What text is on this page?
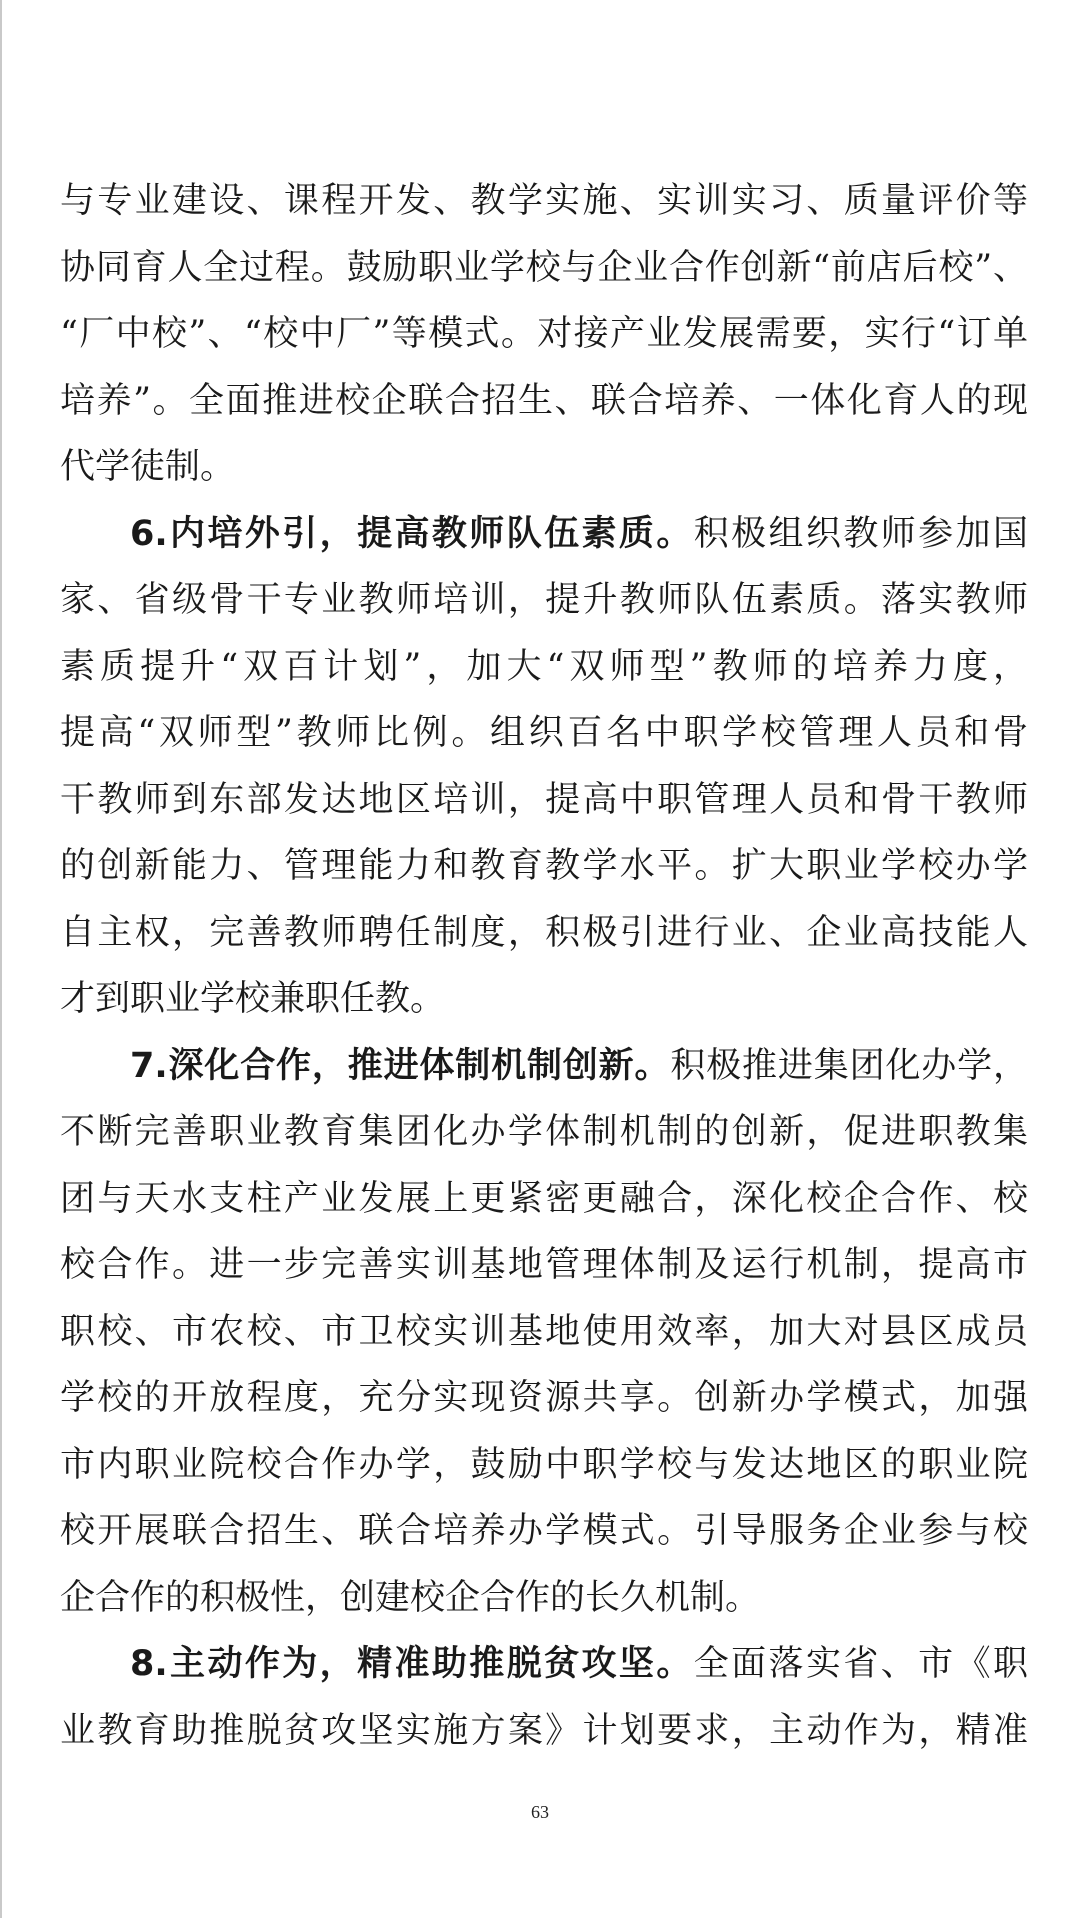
与专业建设、课程开发、教学实施、实训实习、质量评价等
协同育人全过程。鼓励职业学校与企业合作创新“前店后校”、
“厂中校”、“校中厂”等模式。对接产业发展需要，实行“订单
培养”。全面推进校企联合招生、联合培养、一体化育人的现
代学徒制。
6.内培外引，提高教师队伍素质。积极组织教师参加国
家、省级骨干专业教师培训，提升教师队伍素质。落实教师
素质提升“双百计划”，加大“双师型”教师的培养力度，
提高“双师型”教师比例。组织百名中职学校管理人员和骨
干教师到东部发达地区培训，提高中职管理人员和骨干教师
的创新能力、管理能力和教育教学水平。扩大职业学校办学
自主权，完善教师聘任制度，积极引进行业、企业高技能人
才到职业学校兼职任教。
7.深化合作，推进体制机制创新。积极推进集团化办学，
不断完善职业教育集团化办学体制机制的创新，促进职教集
团与天水支柱产业发展上更紧密更融合，深化校企合作、校
校合作。进一步完善实训基地管理体制及运行机制，提高市
职校、市农校、市卫校实训基地使用效率，加大对县区成员
学校的开放程度，充分实现资源共享。创新办学模式，加强
市内职业院校合作办学，鼓励中职学校与发达地区的职业院
校开展联合招生、联合培养办学模式。引导服务企业参与校
企合作的积极性，创建校企合作的长久机制。
8.主动作为，精准助推脱贫攻坚。全面落实省、市《职
业教育助推脱贫攻坚实施方案》计划要求，主动作为，精准
63
